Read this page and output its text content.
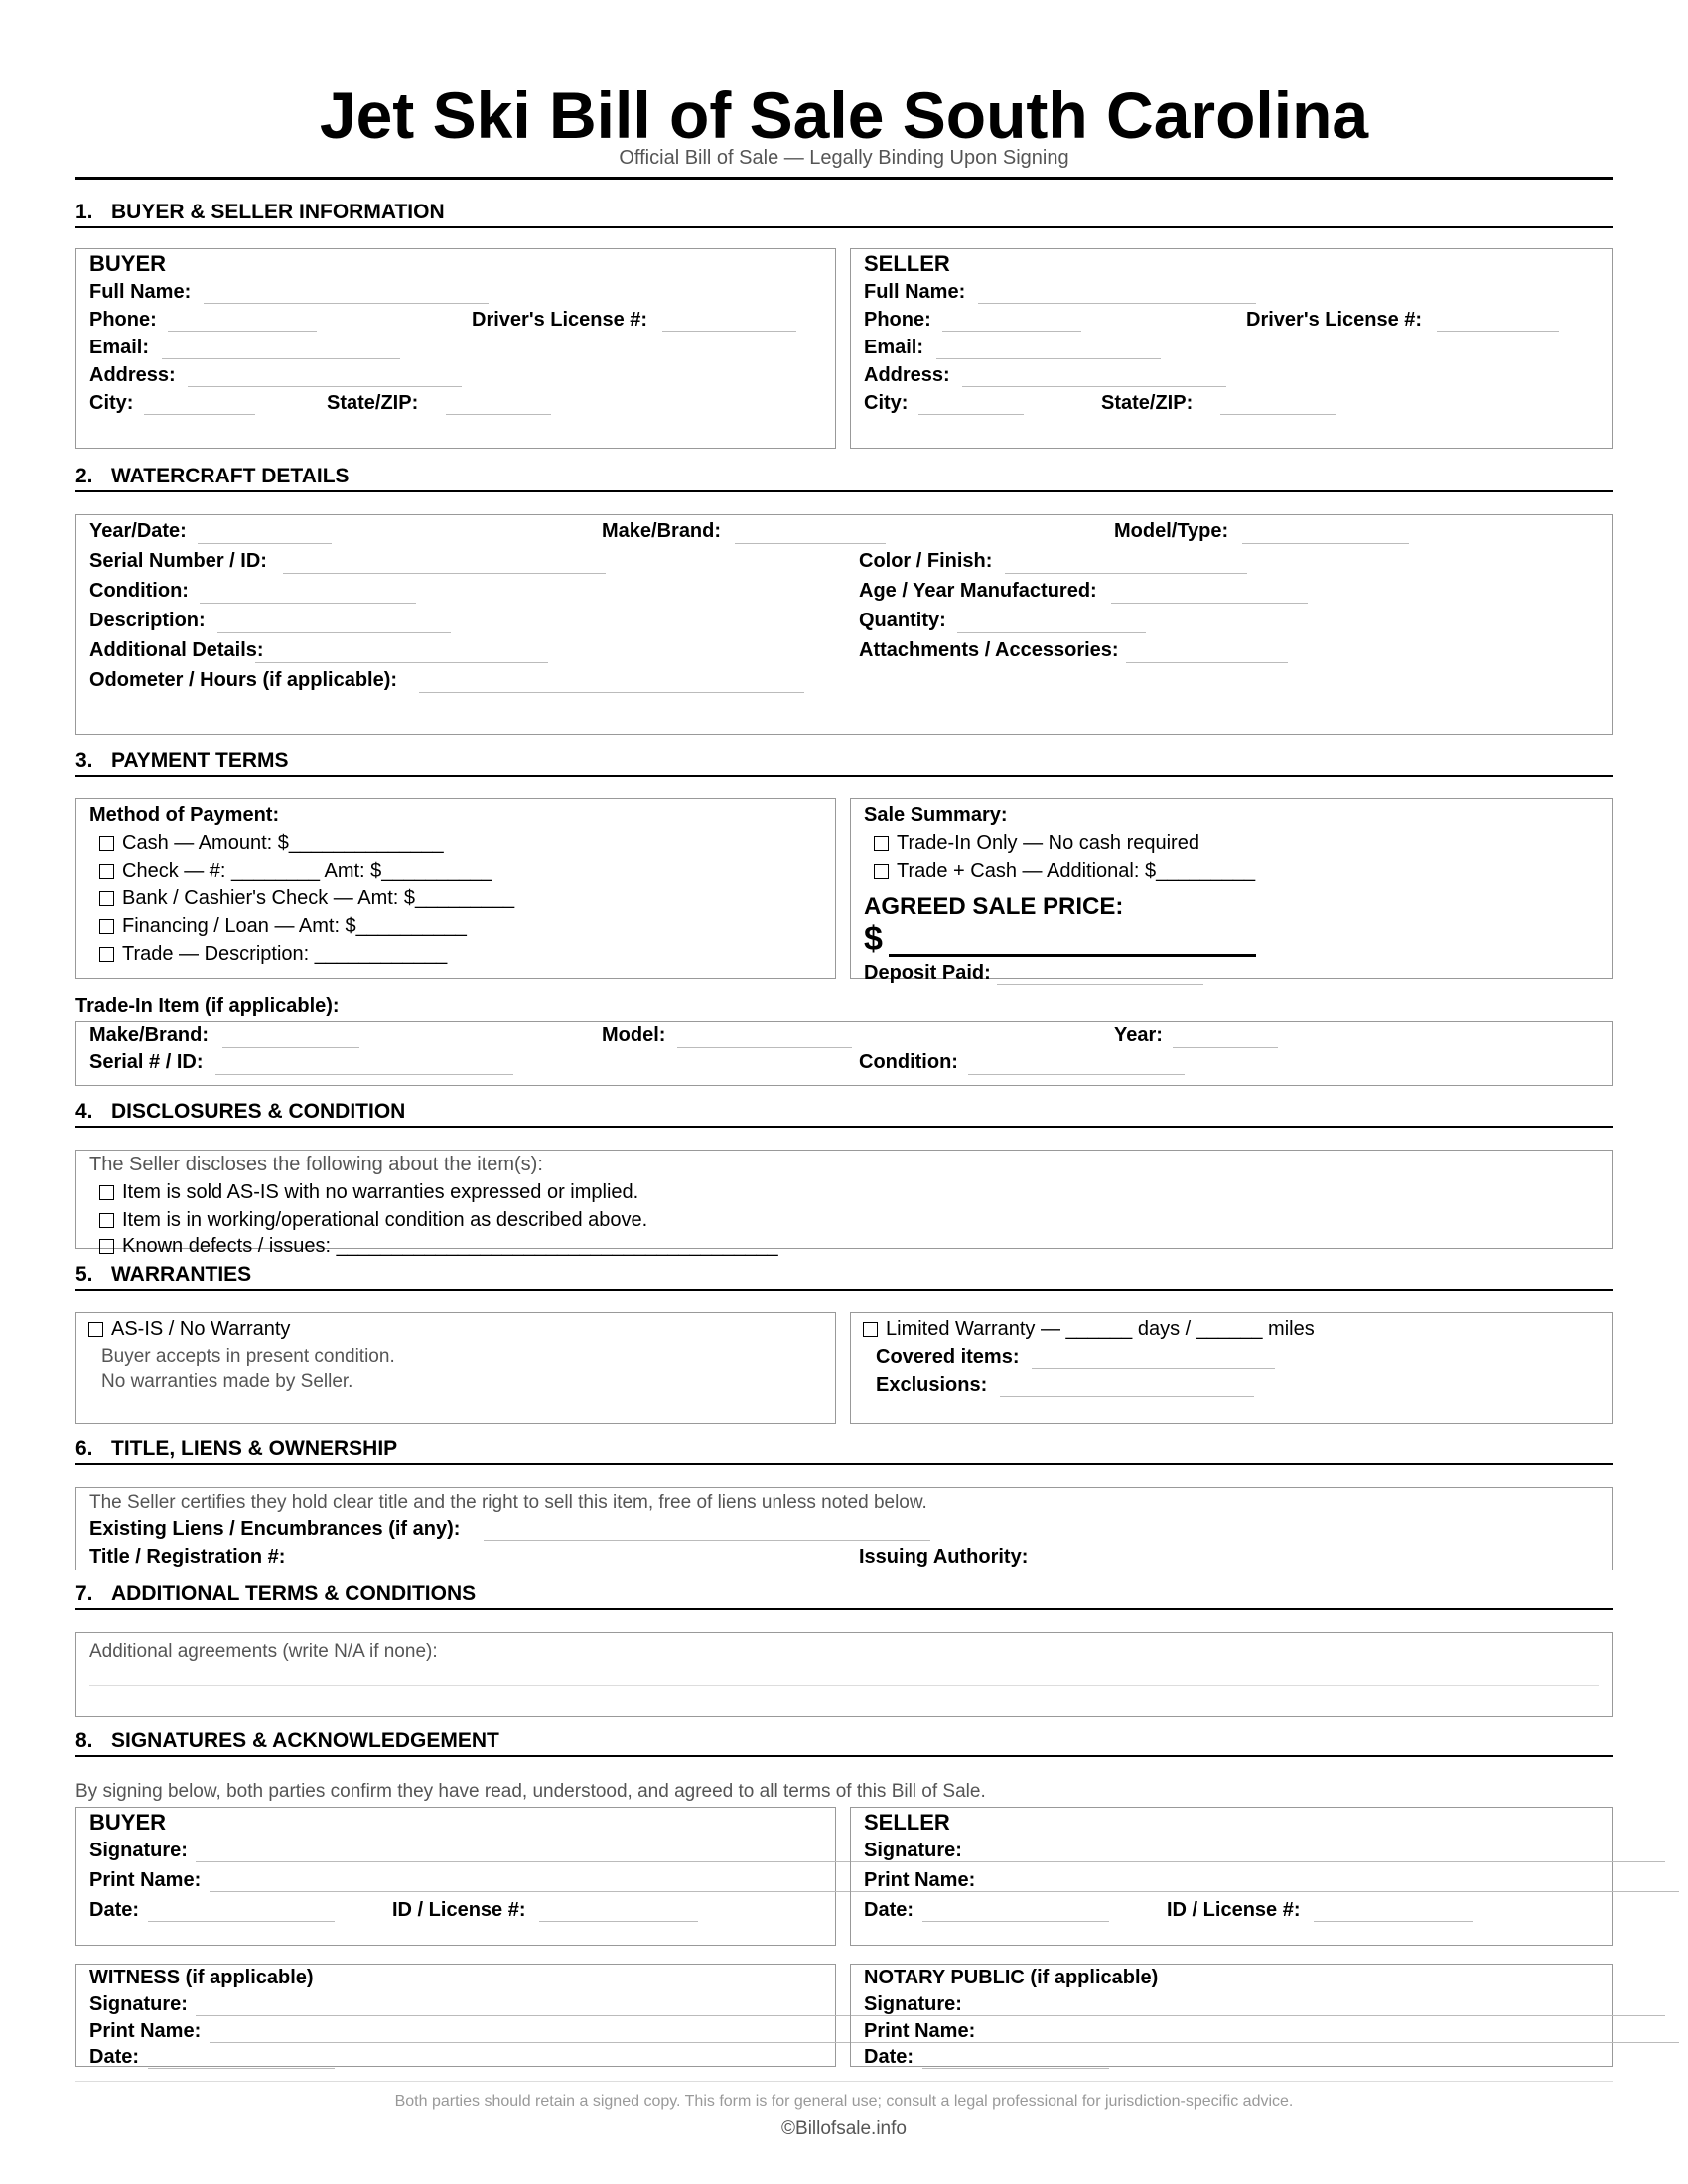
Jet Ski Bill of Sale South Carolina
Official Bill of Sale — Legally Binding Upon Signing
1. BUYER & SELLER INFORMATION
BUYER
Full Name:
Phone:	Driver's License #:
Email:
Address:
City:	State/ZIP:
SELLER
Full Name:
Phone:	Driver's License #:
Email:
Address:
City:	State/ZIP:
2. WATERCRAFT DETAILS
Year/Date:	Make/Brand:	Model/Type:
Serial Number / ID:	Color / Finish:
Condition:	Age / Year Manufactured:
Description:	Quantity:
Additional Details:	Attachments / Accessories:
Odometer / Hours (if applicable):
3. PAYMENT TERMS
Method of Payment:
Cash — Amount: $______________
Check — #: ________ Amt: $__________
Bank / Cashier's Check — Amt: $_________
Financing / Loan — Amt: $__________
Trade — Description: ____________
Sale Summary:
Trade-In Only — No cash required
Trade + Cash — Additional: $_________
AGREED SALE PRICE:
$
Deposit Paid:
Trade-In Item (if applicable):
Make/Brand:	Model:	Year:
Serial # / ID:	Condition:
4. DISCLOSURES & CONDITION
The Seller discloses the following about the item(s):
Item is sold AS-IS with no warranties expressed or implied.
Item is in working/operational condition as described above.
Known defects / issues: ________________________________________
5. WARRANTIES
AS-IS / No Warranty
Buyer accepts in present condition.
No warranties made by Seller.
Limited Warranty — ______ days / ______ miles
Covered items:
Exclusions:
6. TITLE, LIENS & OWNERSHIP
The Seller certifies they hold clear title and the right to sell this item, free of liens unless noted below.
Existing Liens / Encumbrances (if any):
Title / Registration #:	Issuing Authority:
7. ADDITIONAL TERMS & CONDITIONS
Additional agreements (write N/A if none):
8. SIGNATURES & ACKNOWLEDGEMENT
By signing below, both parties confirm they have read, understood, and agreed to all terms of this Bill of Sale.
BUYER
Signature:
Print Name:
Date:	ID / License #:
SELLER
Signature:
Print Name:
Date:	ID / License #:
WITNESS (if applicable)
Signature:
Print Name:
Date:
NOTARY PUBLIC (if applicable)
Signature:
Print Name:
Date:
Both parties should retain a signed copy. This form is for general use; consult a legal professional for jurisdiction-specific advice.
©Billofsale.info
